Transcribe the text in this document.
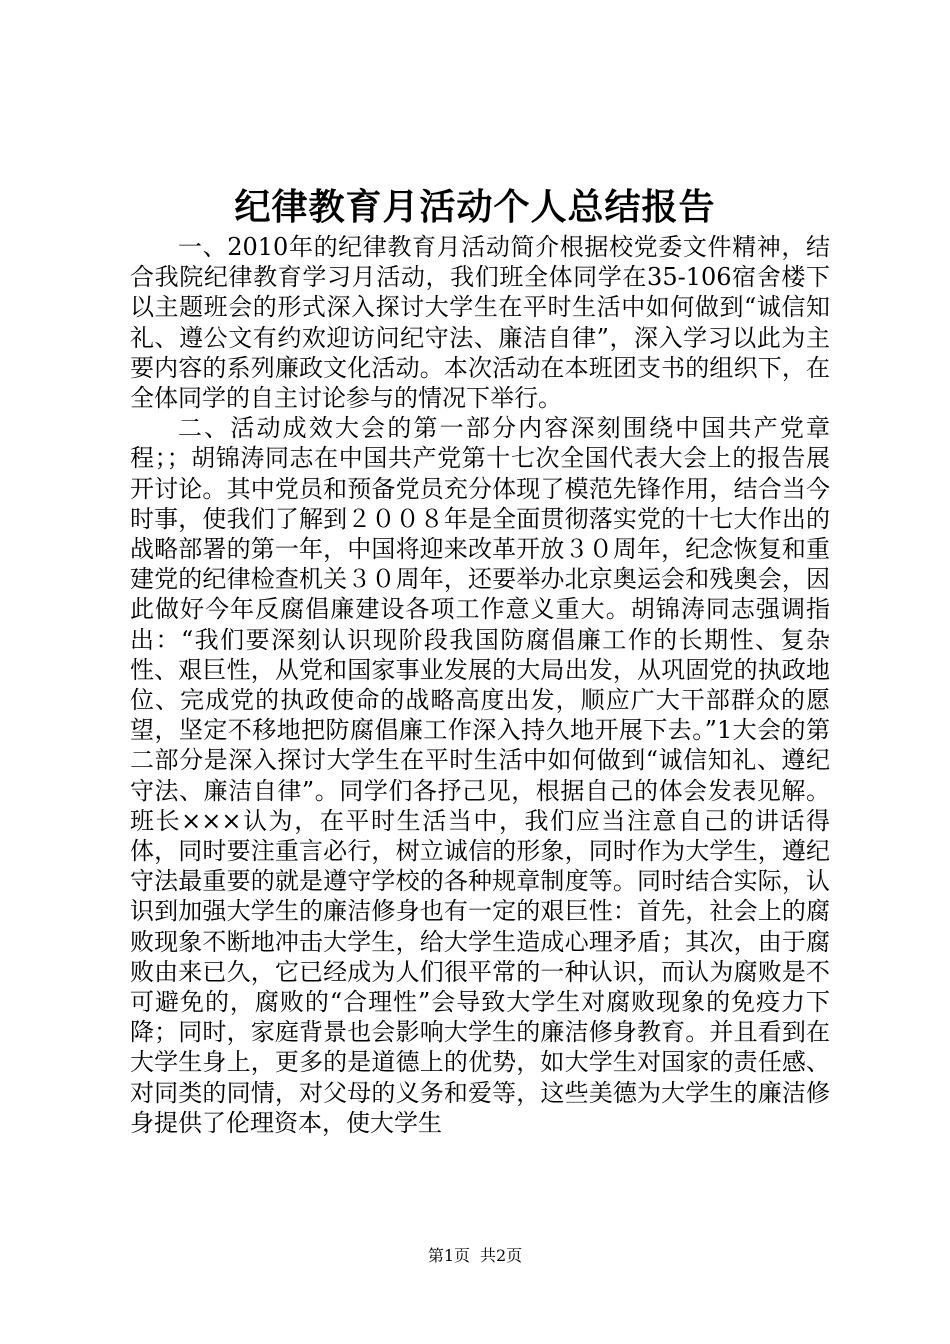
纪律教育月活动个人总结报告

一、2010年的纪律教育月活动简介根据校党委文件精神，结合我院纪律教育学习月活动，我们班全体同学在35-106宿舍楼下以主题班会的形式深入探讨大学生在平时生活中如何做到“诚信知礼、遵公文有约欢迎访问纪守法、廉洁自律”，深入学习以此为主要内容的系列廉政文化活动。本次活动在本班团支书的组织下，在全体同学的自主讨论参与的情况下举行。

二、活动成效大会的第一部分内容深刻围绕中国共产党章程；；胡锦涛同志在中国共产党第十七次全国代表大会上的报告展开讨论。其中党员和预备党员充分体现了模范先锋作用，结合当今时事，使我们了解到２００８年是全面贯彻落实党的十七大作出的战略部署的第一年，中国将迎来改革开放３０周年，纪念恢复和重建党的纪律检查机关３０周年，还要举办北京奥运会和残奥会，因此做好今年反腐倡廉建设各项工作意义重大。胡锦涛同志强调指出：“我们要深刻认识现阶段我国防腐倡廉工作的长期性、复杂性、艰巨性，从党和国家事业发展的大局出发，从巩固党的执政地位、完成党的执政使命的战略高度出发，顺应广大干部群众的愿望，坚定不移地把防腐倡廉工作深入持久地开展下去。”1大会的第二部分是深入探讨大学生在平时生活中如何做到“诚信知礼、遵纪守法、廉洁自律”。同学们各抒己见，根据自己的体会发表见解。班长×××认为，在平时生活当中，我们应当注意自己的讲话得体，同时要注重言必行，树立诚信的形象，同时作为大学生，遵纪守法最重要的就是遵守学校的各种规章制度等。同时结合实际，认识到加强大学生的廉洁修身也有一定的艰巨性：首先，社会上的腐败现象不断地冲击大学生，给大学生造成心理矛盾；其次，由于腐败由来已久，它已经成为人们很平常的一种认识，而认为腐败是不可避免的，腐败的“合理性”会导致大学生对腐败现象的免疫力下降；同时，家庭背景也会影响大学生的廉洁修身教育。并且看到在大学生身上，更多的是道德上的优势，如大学生对国家的责任感、对同类的同情，对父母的义务和爱等，这些美德为大学生的廉洁修身提供了伦理资本，使大学生

第1页 共2页
